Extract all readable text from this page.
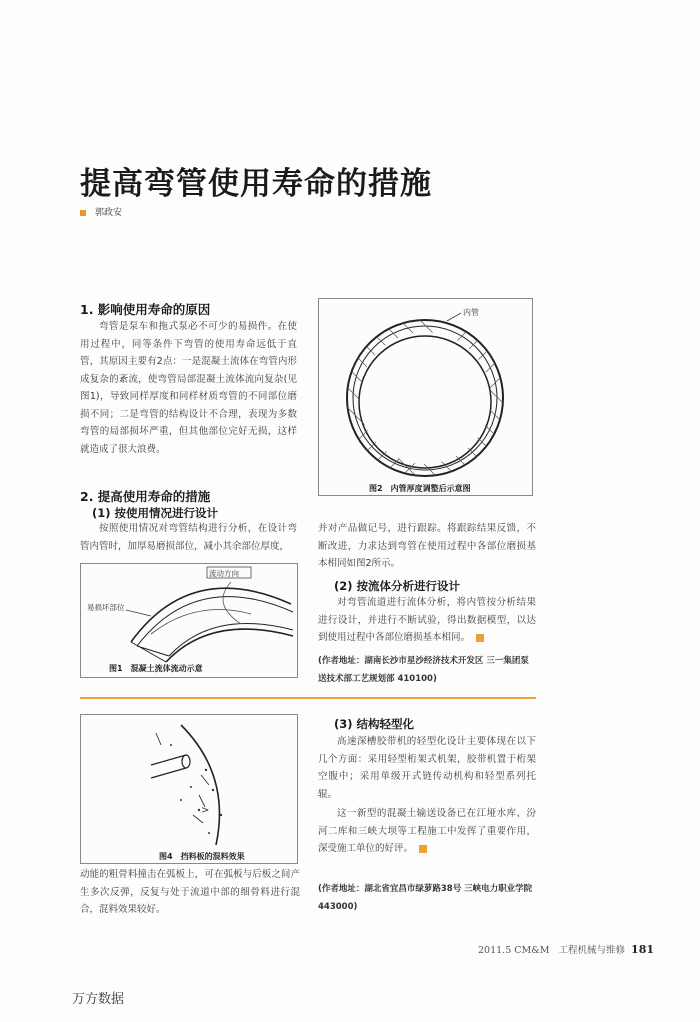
提高弯管使用寿命的措施
郭政安
1. 影响使用寿命的原因

弯管是泵车和拖式泵必不可少的易损件。在使用过程中，同等条件下弯管的使用寿命远低于直管，其原因主要有2点：一是混凝土流体在弯管内形成复杂的紊流，使弯管局部混凝土流体流向复杂(见图1)，导致同样厚度和同样材质弯管的不同部位磨损不同；二是弯管的结构设计不合理，表现为多数弯管的局部损坏严重，但其他部位完好无损，这样就造成了很大浪费。

2. 提高使用寿命的措施
(1) 按使用情况进行设计

按照使用情况对弯管结构进行分析，在设计弯管内管时，加厚易磨损部位，减小其余部位厚度，

内管
图2　内管厚度调整后示意图

并对产品做记号，进行跟踪。将跟踪结果反馈，不断改进，力求达到弯管在使用过程中各部位磨损基本相同如图2所示。

流动方向
易损坏部位
图1　混凝土流体流动示意
(2) 按流体分析进行设计
对弯管流道进行流体分析，将内管按分析结果进行设计，并进行不断试验，得出数据模型，以达到使用过程中各部位磨损基本相同。
(作者地址：湖南长沙市星沙经济技术开发区 三一集团泵送技术部工艺规划部 410100)
>
图4　挡料板的混料效果

动能的粗骨料撞击在弧板上，可在弧板与后板之间产生多次反弹，反复与处于流道中部的细骨料进行混合，混料效果较好。

(作者地址：湖北省宜昌市绿萝路38号 三峡电力职业学院 443000)
(3) 结构轻型化

高速深槽胶带机的轻型化设计主要体现在以下几个方面：采用轻型桁架式机架，胶带机置于桁架空腹中；采用单级开式链传动机构和轻型系列托辊。

这一新型的混凝土输送设备已在江垭水库、汾河二库和三峡大坝等工程施工中发挥了重要作用，深受施工单位的好评。
2011.5 CM&M 工程机械与维修 181
万方数据
